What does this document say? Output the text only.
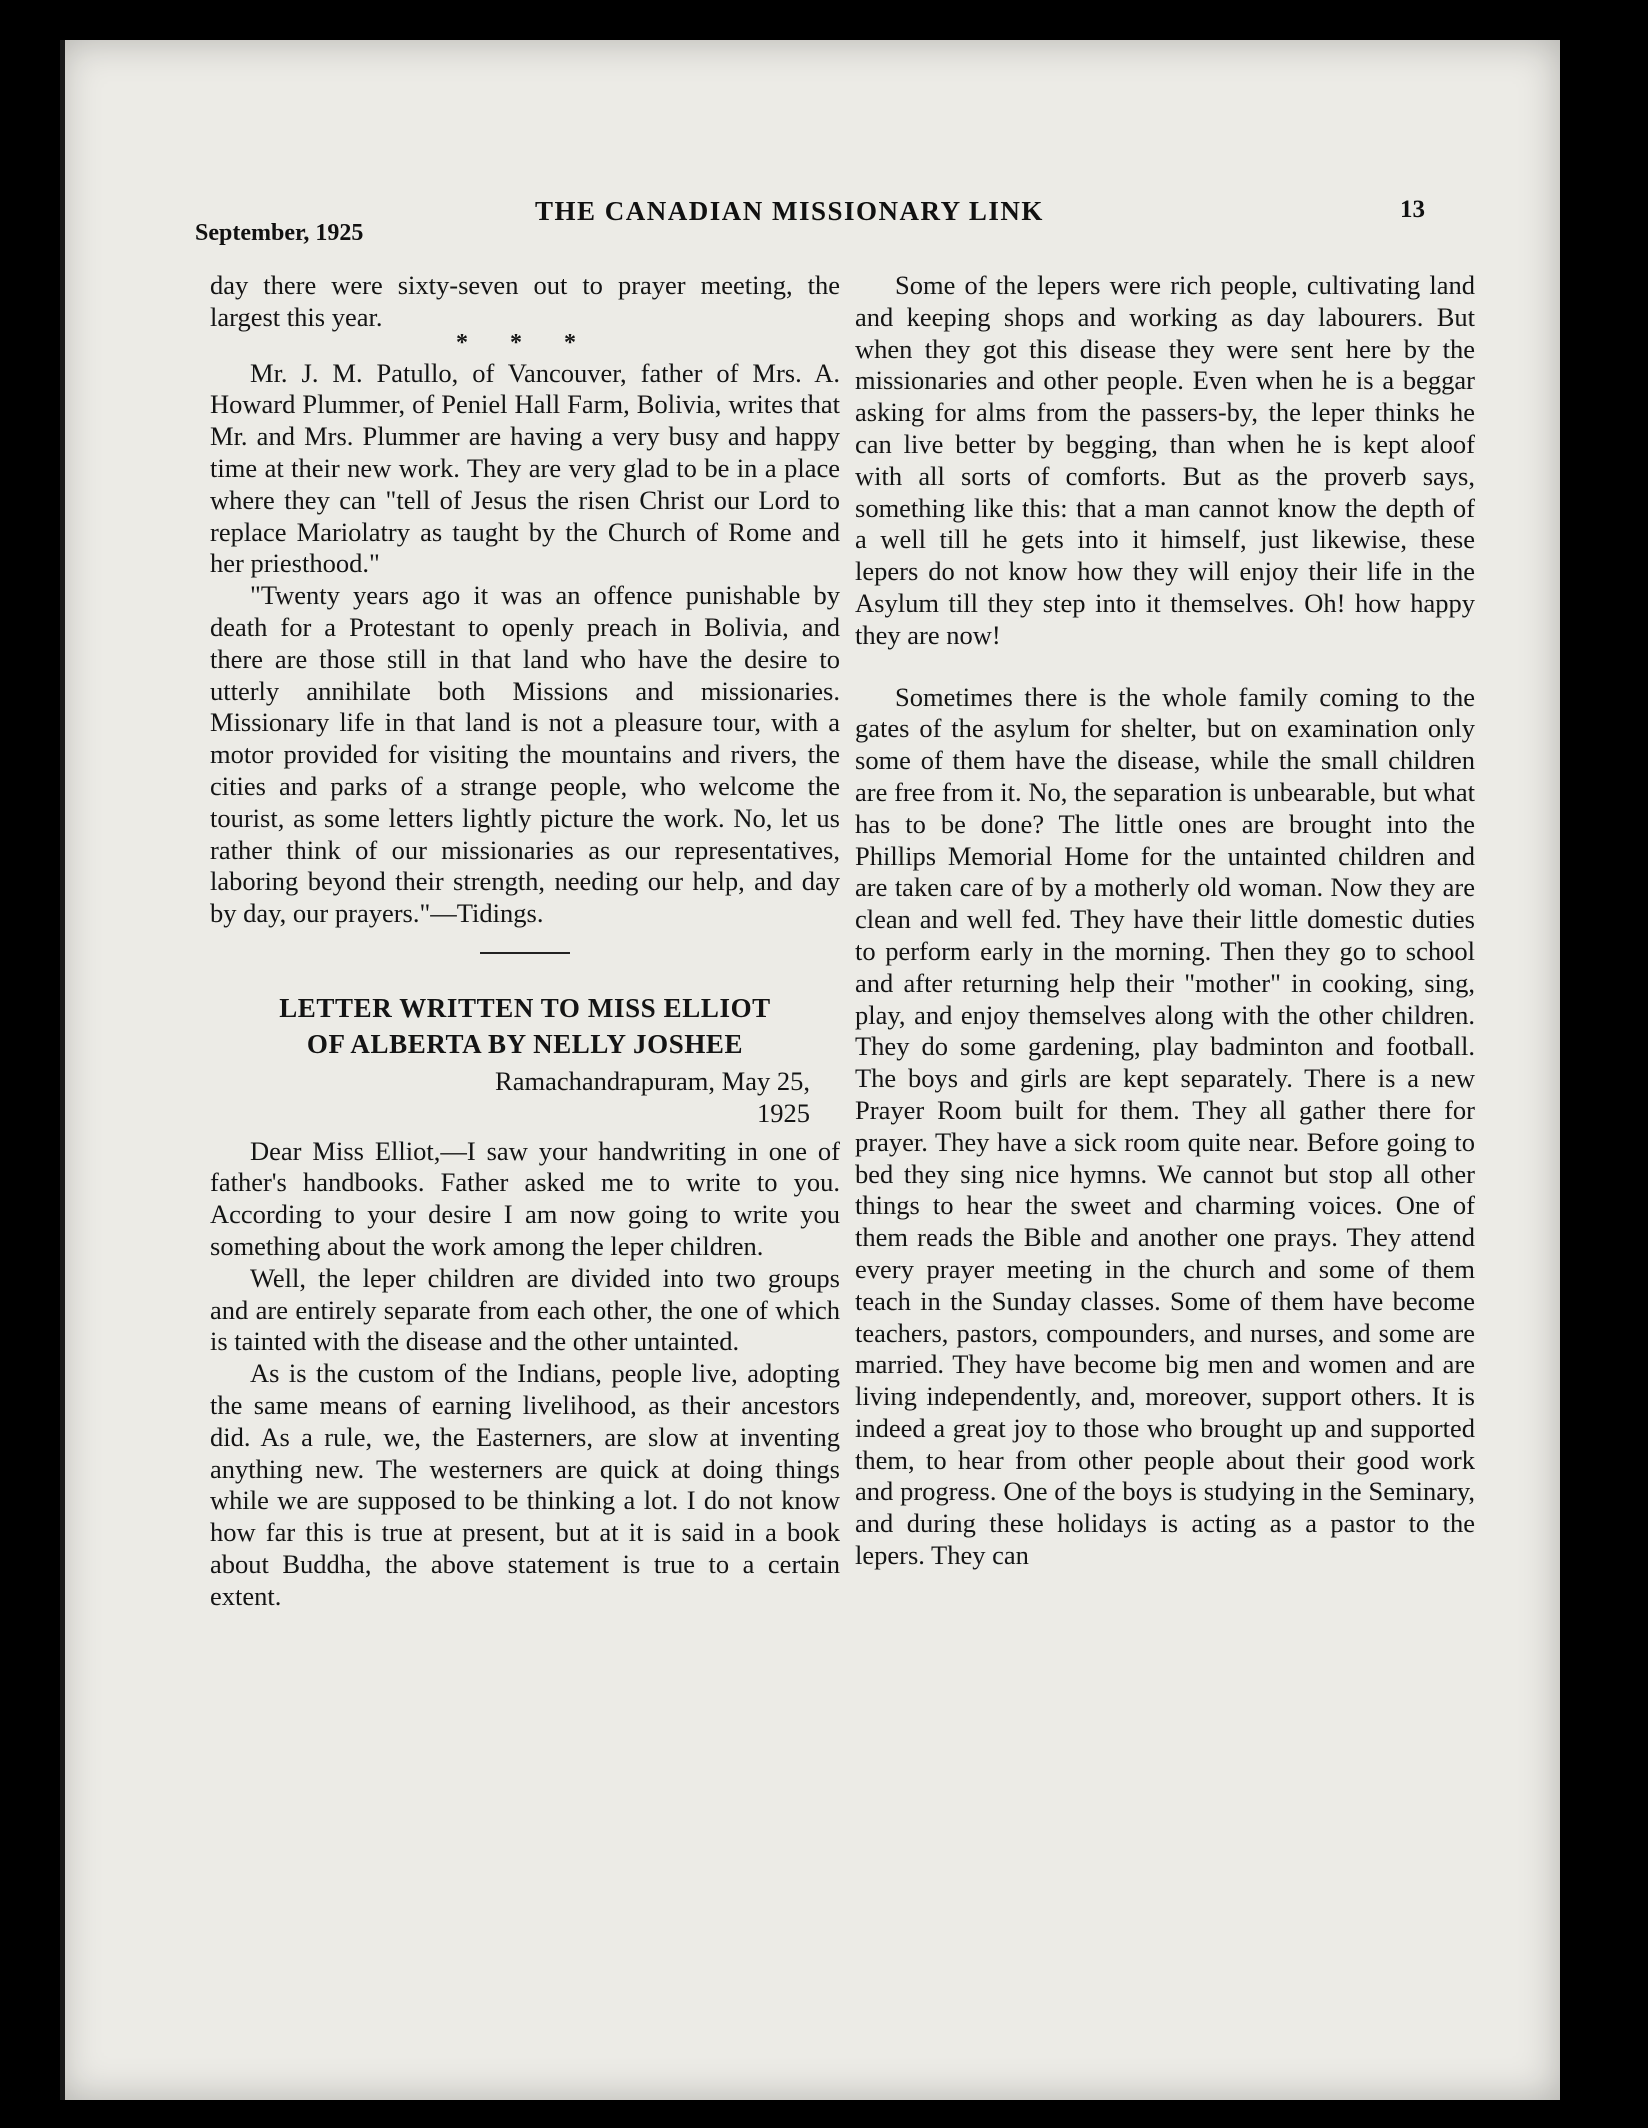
September, 1925
THE CANADIAN MISSIONARY LINK	13

day there were sixty-seven out to prayer meeting, the largest this year.

* * *

Mr. J. M. Patullo, of Vancouver, father of Mrs. A. Howard Plummer, of Peniel Hall Farm, Bolivia, writes that Mr. and Mrs. Plummer are having a very busy and happy time at their new work. They are very glad to be in a place where they can "tell of Jesus the risen Christ our Lord to replace Mariolatry as taught by the Church of Rome and her priesthood."

"Twenty years ago it was an offence punishable by death for a Protestant to openly preach in Bolivia, and there are those still in that land who have the desire to utterly annihilate both Missions and missionaries. Missionary life in that land is not a pleasure tour, with a motor provided for visiting the mountains and rivers, the cities and parks of a strange people, who welcome the tourist, as some letters lightly picture the work. No, let us rather think of our missionaries as our representatives, laboring beyond their strength, needing our help, and day by day, our prayers."—Tidings.

LETTER WRITTEN TO MISS ELLIOT
OF ALBERTA BY NELLY JOSHEE
Ramachandrapuram, May 25,
1925

Dear Miss Elliot,—I saw your handwriting in one of father's handbooks. Father asked me to write to you. According to your desire I am now going to write you something about the work among the leper children.

Well, the leper children are divided into two groups and are entirely separate from each other, the one of which is tainted with the disease and the other untainted.

As is the custom of the Indians, people live, adopting the same means of earning livelihood, as their ancestors did. As a rule, we, the Easterners, are slow at inventing anything new. The westerners are quick at doing things while we are supposed to be thinking a lot. I do not know how far this is true at present, but at it is said in a book about Buddha, the above statement is true to a certain extent.

Some of the lepers were rich people, cultivating land and keeping shops and working as day labourers. But when they got this disease they were sent here by the missionaries and other people. Even when he is a beggar asking for alms from the passers-by, the leper thinks he can live better by begging, than when he is kept aloof with all sorts of comforts. But as the proverb says, something like this: that a man cannot know the depth of a well till he gets into it himself, just likewise, these lepers do not know how they will enjoy their life in the Asylum till they step into it themselves. Oh! how happy they are now!

Sometimes there is the whole family coming to the gates of the asylum for shelter, but on examination only some of them have the disease, while the small children are free from it. No, the separation is unbearable, but what has to be done? The little ones are brought into the Phillips Memorial Home for the untainted children and are taken care of by a motherly old woman. Now they are clean and well fed. They have their little domestic duties to perform early in the morning. Then they go to school and after returning help their "mother" in cooking, sing, play, and enjoy themselves along with the other children. They do some gardening, play badminton and football. The boys and girls are kept separately. There is a new Prayer Room built for them. They all gather there for prayer. They have a sick room quite near. Before going to bed they sing nice hymns. We cannot but stop all other things to hear the sweet and charming voices. One of them reads the Bible and another one prays. They attend every prayer meeting in the church and some of them teach in the Sunday classes. Some of them have become teachers, pastors, compounders, and nurses, and some are married. They have become big men and women and are living independently, and, moreover, support others. It is indeed a great joy to those who brought up and supported them, to hear from other people about their good work and progress. One of the boys is studying in the Seminary, and during these holidays is acting as a pastor to the lepers. They can
